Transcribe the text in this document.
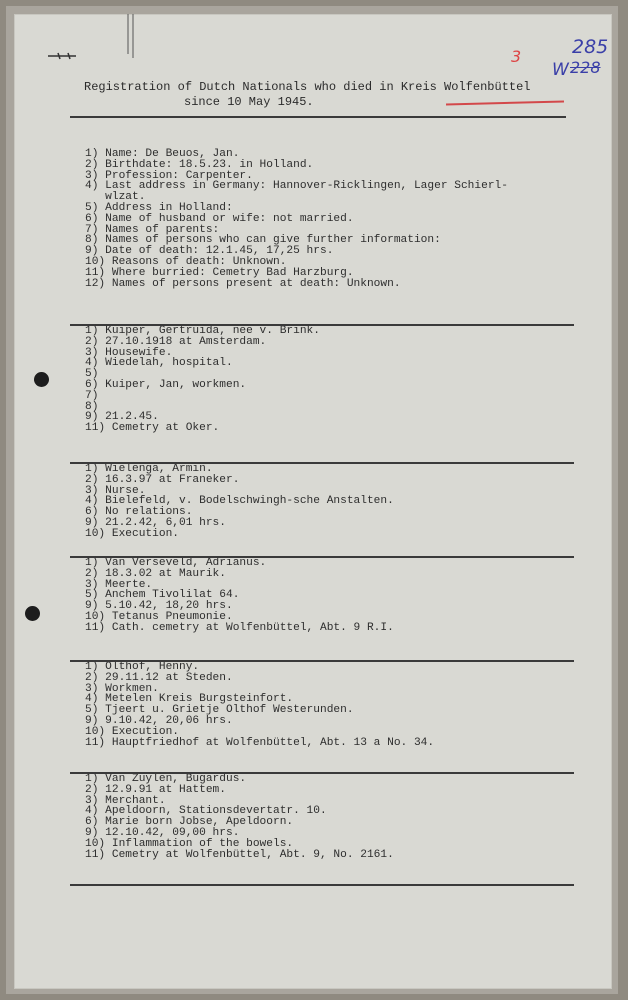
3	285
W 228
Registration of Dutch Nationals who died in Kreis Wolfenbüttel
since 10 May 1945.
1) Name: De Beuos, Jan.
2) Birthdate: 18.5.23. in Holland.
3) Profession: Carpenter.
4) Last address in Germany: Hannover-Ricklingen, Lager Schierl-
wlzat.
5) Address in Holland:
6) Name of husband or wife: not married.
7) Names of parents:
8) Names of persons who can give further information:
9) Date of death: 12.1.45, 17,25 hrs.
10) Reasons of death: Unknown.
11) Where burried: Cemetry Bad Harzburg.
12) Names of persons present at death: Unknown.
1) Kuiper, Gertruida, nee v. Brink.
2) 27.10.1918 at Amsterdam.
3) Housewife.
4) Wiedelah, hospital.
5)
6) Kuiper, Jan, workmen.
7)
8)
9) 21.2.45.
11) Cemetry at Oker.
1) Wielenga, Armin.
2) 16.3.97 at Franeker.
3) Nurse.
4) Bielefeld, v. Bodelschwingh-sche Anstalten.
6) No relations.
9) 21.2.42, 6,01 hrs.
10) Execution.
1) Van Verseveld, Adrianus.
2) 18.3.02 at Maurik.
3) Meerte.
5) Anchem Tivolilat 64.
9) 5.10.42, 18,20 hrs.
10) Tetanus Pneumonie.
11) Cath. cemetry at Wolfenbüttel, Abt. 9 R.I.
1) Olthof, Henny.
2) 29.11.12 at Steden.
3) Workmen.
4) Metelen Kreis Burgsteinfort.
5) Tjeert u. Grietje Olthof Westerunden.
9) 9.10.42, 20,06 hrs.
10) Execution.
11) Hauptfriedhof at Wolfenbüttel, Abt. 13 a No. 34.
1) Van Zuylen, Bugardus.
2) 12.9.91 at Hattem.
3) Merchant.
4) Apeldoorn, Stationsdevertatr. 10.
6) Marie born Jobse, Apeldoorn.
9) 12.10.42, 09,00 hrs.
10) Inflammation of the bowels.
11) Cemetry at Wolfenbüttel, Abt. 9, No. 2161.
